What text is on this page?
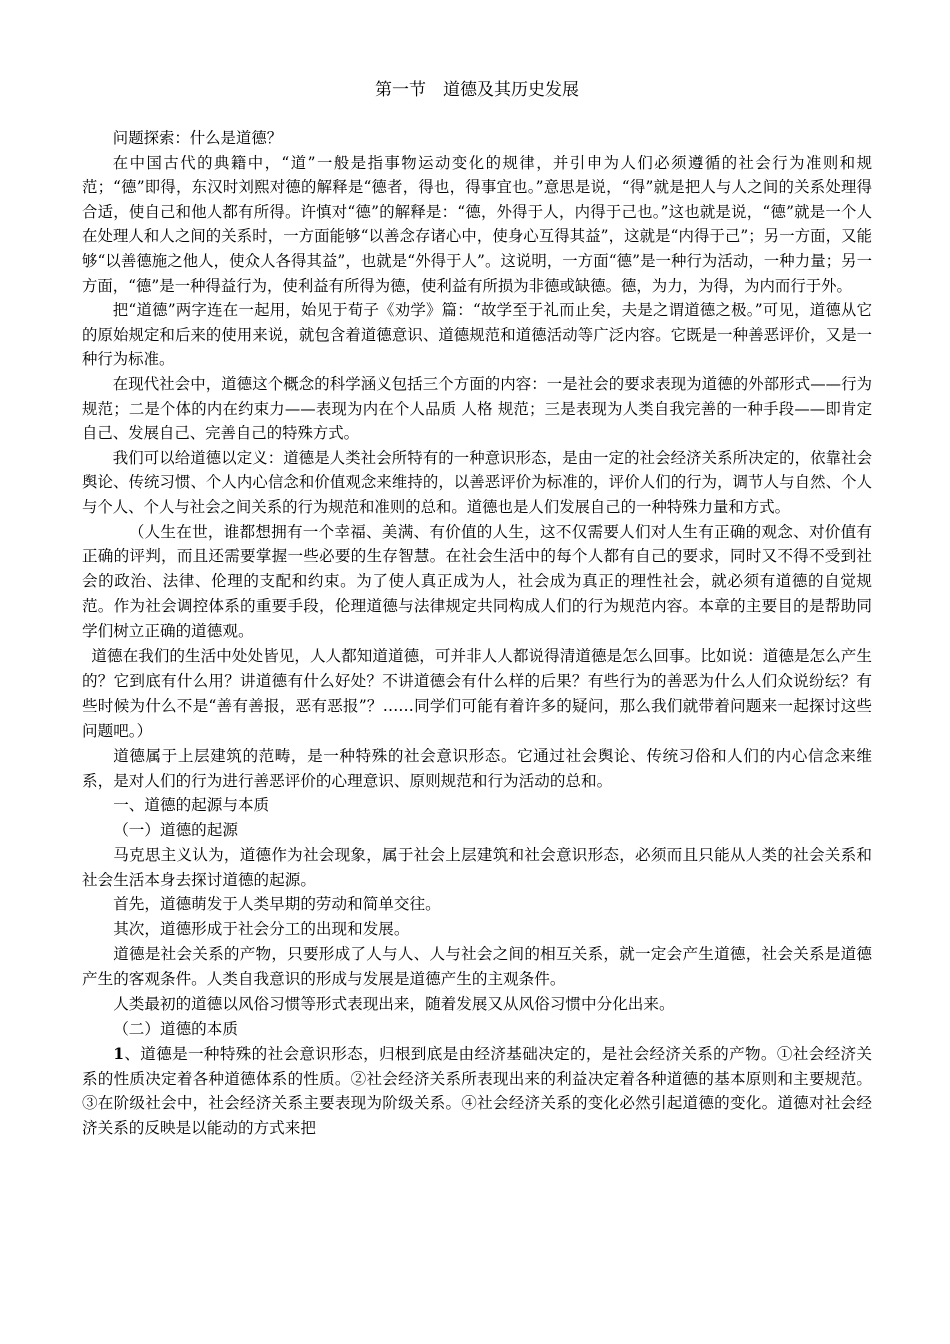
第一节　道德及其历史发展

问题探索：什么是道德？

在中国古代的典籍中，“道”一般是指事物运动变化的规律，并引申为人们必须遵循的社会行为准则和规范；“德”即得，东汉时刘熙对德的解释是“德者，得也，得事宜也。”意思是说，“得”就是把人与人之间的关系处理得合适，使自己和他人都有所得。许慎对“德”的解释是：“德，外得于人，内得于己也。”这也就是说，“德”就是一个人在处理人和人之间的关系时，一方面能够“以善念存诸心中，使身心互得其益”，这就是“内得于己”；另一方面，又能够“以善德施之他人，使众人各得其益”，也就是“外得于人”。这说明，一方面“德”是一种行为活动，一种力量；另一方面，“德”是一种得益行为，使利益有所得为德，使利益有所损为非德或缺德。德，为力，为得，为内而行于外。

把“道德”两字连在一起用，始见于荀子《劝学》篇：“故学至于礼而止矣，夫是之谓道德之极。”可见，道德从它的原始规定和后来的使用来说，就包含着道德意识、道德规范和道德活动等广泛内容。它既是一种善恶评价，又是一种行为标准。

在现代社会中，道德这个概念的科学涵义包括三个方面的内容：一是社会的要求表现为道德的外部形式——行为规范；二是个体的内在约束力——表现为内在个人品质 人格 规范；三是表现为人类自我完善的一种手段——即肯定自己、发展自己、完善自己的特殊方式。

我们可以给道德以定义：道德是人类社会所特有的一种意识形态，是由一定的社会经济关系所决定的，依靠社会舆论、传统习惯、个人内心信念和价值观念来维持的，以善恶评价为标准的，评价人们的行为，调节人与自然、个人与个人、个人与社会之间关系的行为规范和准则的总和。道德也是人们发展自己的一种特殊力量和方式。

（人生在世，谁都想拥有一个幸福、美满、有价值的人生，这不仅需要人们对人生有正确的观念、对价值有正确的评判，而且还需要掌握一些必要的生存智慧。在社会生活中的每个人都有自己的要求，同时又不得不受到社会的政治、法律、伦理的支配和约束。为了使人真正成为人，社会成为真正的理性社会，就必须有道德的自觉规范。作为社会调控体系的重要手段，伦理道德与法律规定共同构成人们的行为规范内容。本章的主要目的是帮助同学们树立正确的道德观。

道德在我们的生活中处处皆见，人人都知道道德，可并非人人都说得清道德是怎么回事。比如说：道德是怎么产生的？它到底有什么用？讲道德有什么好处？不讲道德会有什么样的后果？有些行为的善恶为什么人们众说纷纭？有些时候为什么不是“善有善报，恶有恶报”？……同学们可能有着许多的疑问，那么我们就带着问题来一起探讨这些问题吧。）

道德属于上层建筑的范畴，是一种特殊的社会意识形态。它通过社会舆论、传统习俗和人们的内心信念来维系，是对人们的行为进行善恶评价的心理意识、原则规范和行为活动的总和。

一、道德的起源与本质

（一）道德的起源

马克思主义认为，道德作为社会现象，属于社会上层建筑和社会意识形态，必须而且只能从人类的社会关系和社会生活本身去探讨道德的起源。

首先，道德萌发于人类早期的劳动和简单交往。

其次，道德形成于社会分工的出现和发展。

道德是社会关系的产物，只要形成了人与人、人与社会之间的相互关系，就一定会产生道德，社会关系是道德产生的客观条件。人类自我意识的形成与发展是道德产生的主观条件。

人类最初的道德以风俗习惯等形式表现出来，随着发展又从风俗习惯中分化出来。

（二）道德的本质

1、道德是一种特殊的社会意识形态，归根到底是由经济基础决定的，是社会经济关系的产物。①社会经济关系的性质决定着各种道德体系的性质。②社会经济关系所表现出来的利益决定着各种道德的基本原则和主要规范。③在阶级社会中，社会经济关系主要表现为阶级关系。④社会经济关系的变化必然引起道德的变化。道德对社会经济关系的反映是以能动的方式来把
